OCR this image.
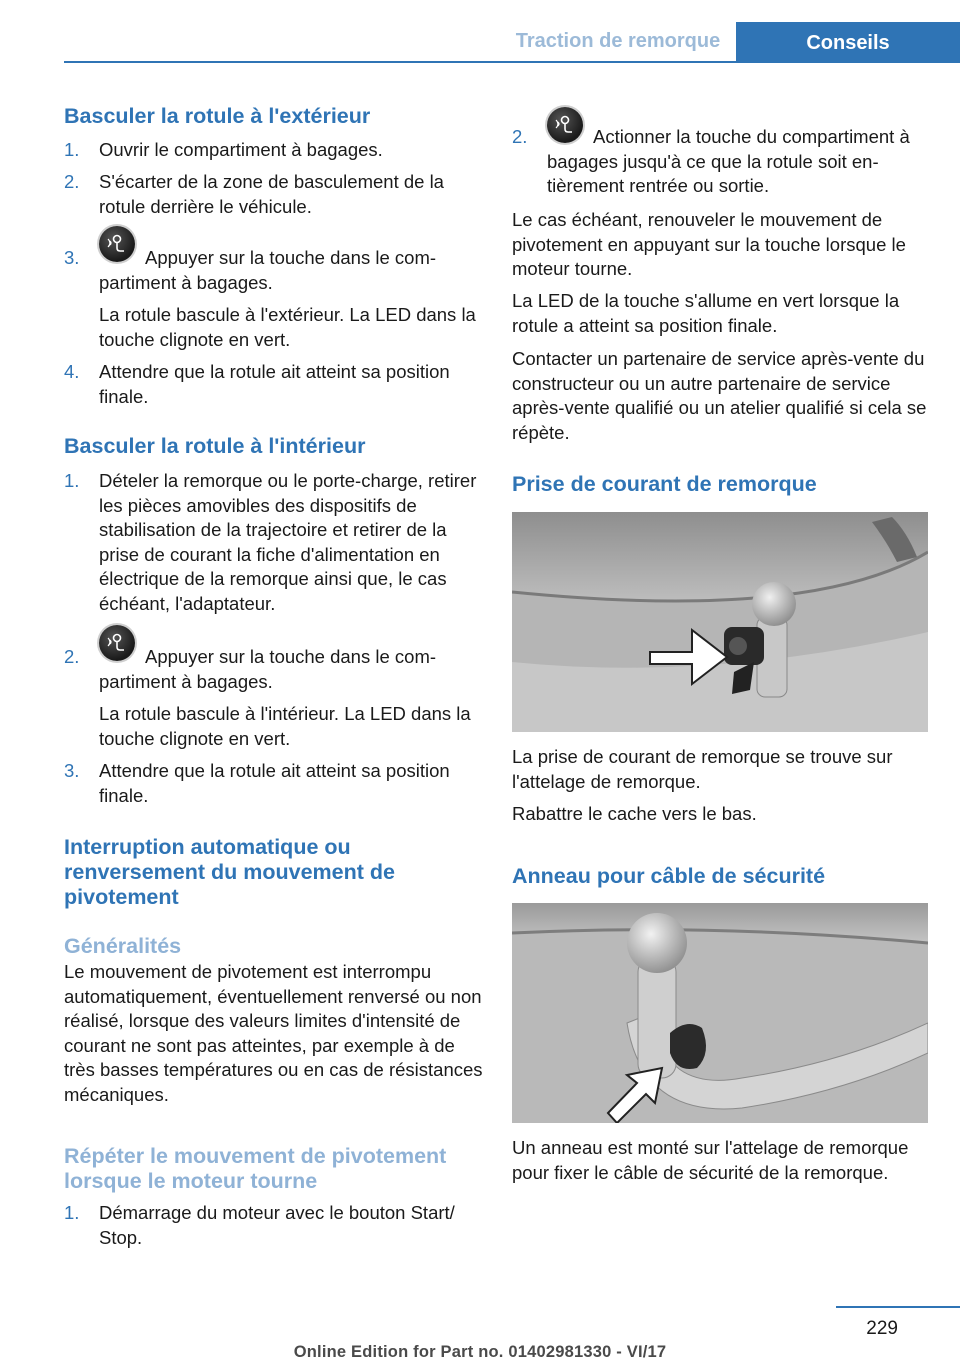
Traction de remorque	Conseils
Basculer la rotule à l'extérieur
1. Ouvrir le compartiment à bagages.
2. S'écarter de la zone de basculement de la rotule derrière le véhicule.
3.	Appuyer sur la touche dans le compartiment à bagages.
La rotule bascule à l'extérieur. La LED dans la touche clignote en vert.
4. Attendre que la rotule ait atteint sa position finale.
Basculer la rotule à l'intérieur
1. Dételer la remorque ou le porte-charge, retirer les pièces amovibles des dispositifs de stabilisation de la trajectoire et retirer de la prise de courant la fiche d'alimentation en électrique de la remorque ainsi que, le cas échéant, l'adaptateur.
2.	Appuyer sur la touche dans le compartiment à bagages.
La rotule bascule à l'intérieur. La LED dans la touche clignote en vert.
3. Attendre que la rotule ait atteint sa position finale.
Interruption automatique ou renversement du mouvement de pivotement
Généralités

Le mouvement de pivotement est interrompu automatiquement, éventuellement renversé ou non réalisé, lorsque des valeurs limites d'intensité de courant ne sont pas atteintes, par exemple à de très basses températures ou en cas de résistances mécaniques.

Répéter le mouvement de pivotement lorsque le moteur tourne
1. Démarrage du moteur avec le bouton Start/ Stop.
2.	Actionner la touche du compartiment à bagages jusqu'à ce que la rotule soit entièrement rentrée ou sortie.

Le cas échéant, renouveler le mouvement de pivotement en appuyant sur la touche lorsque le moteur tourne.

La LED de la touche s'allume en vert lorsque la rotule a atteint sa position finale.

Contacter un partenaire de service après-vente du constructeur ou un autre partenaire de service après-vente qualifié ou un atelier qualifié si cela se répète.

Prise de courant de remorque

La prise de courant de remorque se trouve sur l'attelage de remorque.

Rabattre le cache vers le bas.

Anneau pour câble de sécurité

Un anneau est monté sur l'attelage de remorque pour fixer le câble de sécurité de la remorque.

229
Online Edition for Part no. 01402981330 - VI/17
